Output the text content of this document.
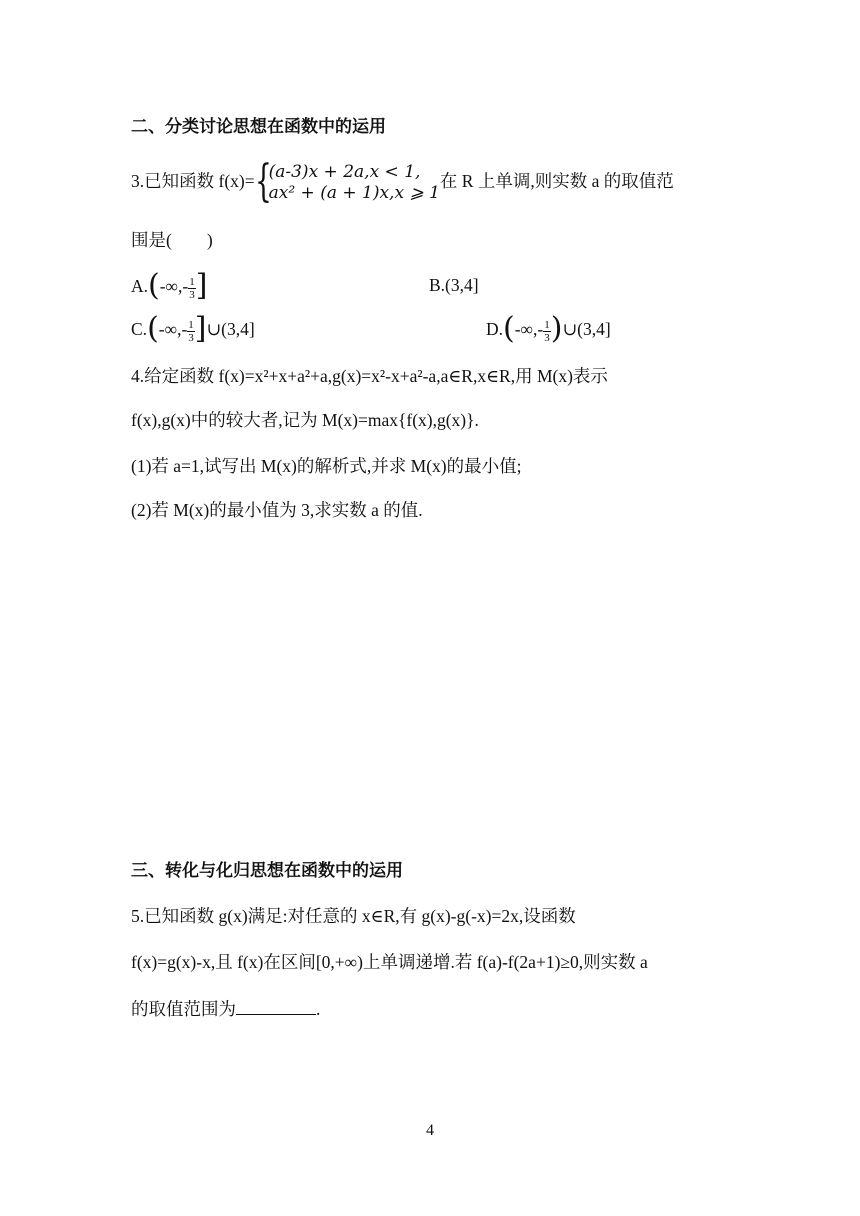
二、分类讨论思想在函数中的运用
3.已知函数 f(x)= {
(a-3)x + 2a,x < 1,
ax² + (a + 1)x,x ⩾ 1
在 R 上单调,则实数 a 的取值范
围是(　　)
$A.(-\infty,- \frac{1}{3}$ ]	B.(3,4]
$C.(-\infty,- \frac{1}{3}$ ]∪(3,4]	$D.(-\infty,- \frac{1}{3}$ )∪(3,4]
4.给定函数 f(x)=x²+x+a²+a,g(x)=x²-x+a²-a,a∈R,x∈R,用 M(x)表示
f(x),g(x)中的较大者,记为 M(x)=max{f(x),g(x)}.
(1)若 a=1,试写出 M(x)的解析式,并求 M(x)的最小值;
(2)若 M(x)的最小值为 3,求实数 a 的值.
三、转化与化归思想在函数中的运用
5.已知函数 g(x)满足:对任意的 x∈R,有 g(x)-g(-x)=2x,设函数
f(x)=g(x)-x,且 f(x)在区间[0,+∞)上单调递增.若 f(a)-f(2a+1)≥0,则实数 a
的取值范围为	.
4
